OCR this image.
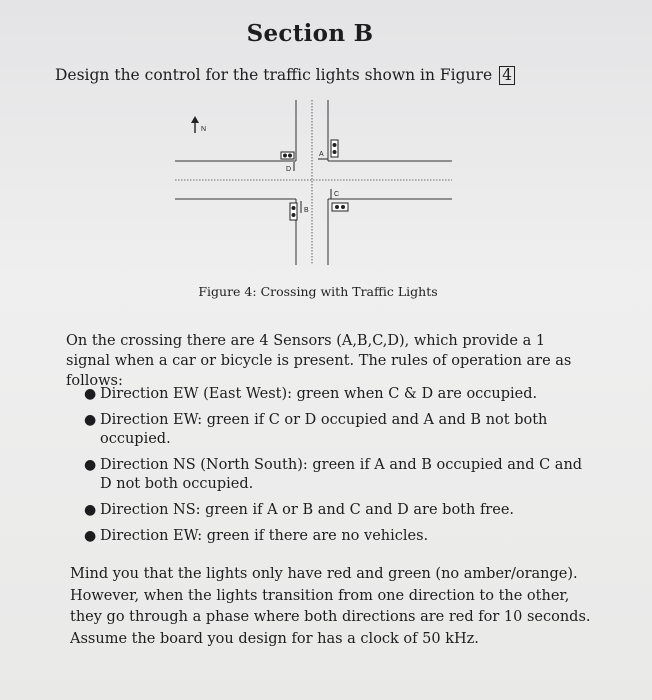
Section B
Design the control for the traffic lights shown in Figure 4
N
D
A
B
C
Figure 4: Crossing with Traffic Lights
On the crossing there are 4 Sensors (A,B,C,D), which provide a 1 signal when a car or bicycle is present. The rules of operation are as follows:
● Direction EW (East West): green when C & D are occupied.
● Direction EW: green if C or D occupied and A and B not both occupied.
● Direction NS (North South): green if A and B occupied and C and D not both occupied.
● Direction NS: green if A or B and C and D are both free.
● Direction EW: green if there are no vehicles.
Mind you that the lights only have red and green (no amber/orange). However, when the lights transition from one direction to the other, they go through a phase where both directions are red for 10 seconds. Assume the board you design for has a clock of 50 kHz.
